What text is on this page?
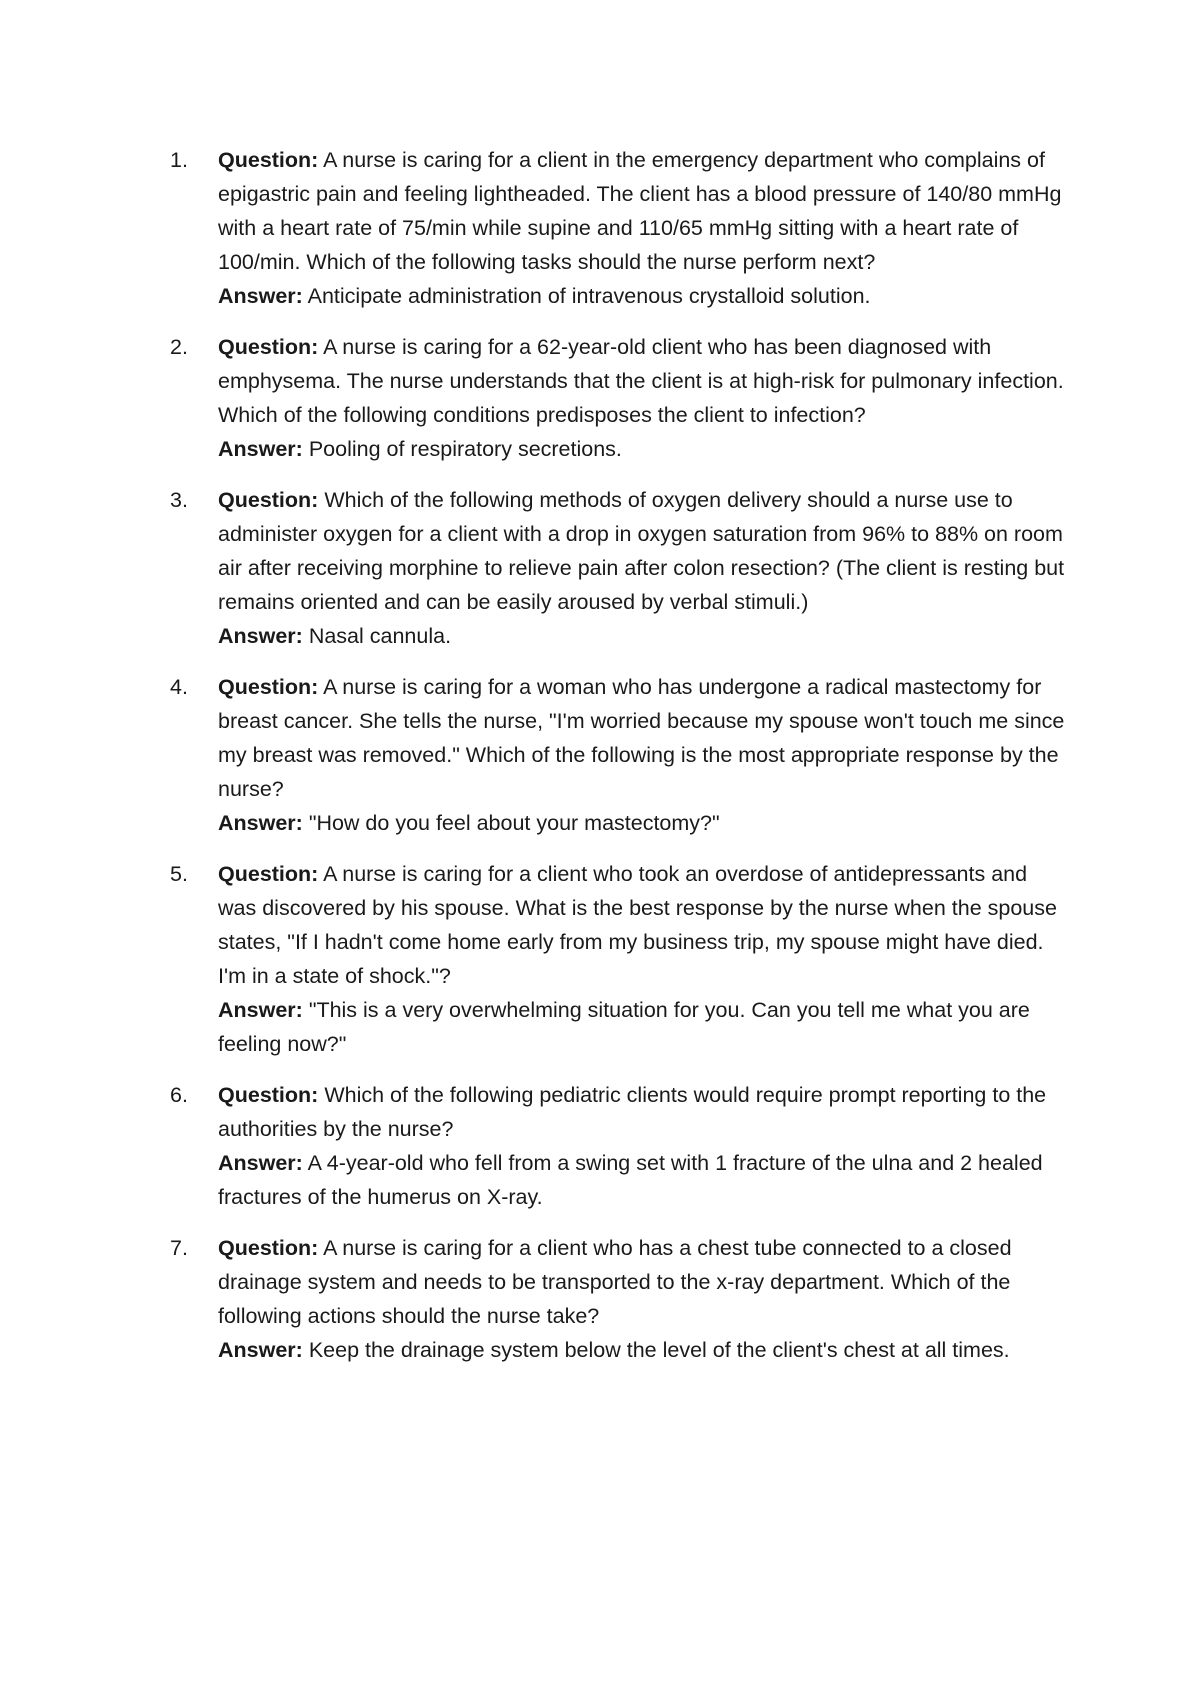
1.	Question: A nurse is caring for a client in the emergency department who complains of epigastric pain and feeling lightheaded. The client has a blood pressure of 140/80 mmHg with a heart rate of 75/min while supine and 110/65 mmHg sitting with a heart rate of 100/min. Which of the following tasks should the nurse perform next?
Answer: Anticipate administration of intravenous crystalloid solution.
2.	Question: A nurse is caring for a 62-year-old client who has been diagnosed with emphysema. The nurse understands that the client is at high-risk for pulmonary infection. Which of the following conditions predisposes the client to infection?
Answer: Pooling of respiratory secretions.
3.	Question: Which of the following methods of oxygen delivery should a nurse use to administer oxygen for a client with a drop in oxygen saturation from 96% to 88% on room air after receiving morphine to relieve pain after colon resection? (The client is resting but remains oriented and can be easily aroused by verbal stimuli.)
Answer: Nasal cannula.
4.	Question: A nurse is caring for a woman who has undergone a radical mastectomy for breast cancer. She tells the nurse, "I'm worried because my spouse won't touch me since my breast was removed." Which of the following is the most appropriate response by the nurse?
Answer: "How do you feel about your mastectomy?"
5.	Question: A nurse is caring for a client who took an overdose of antidepressants and was discovered by his spouse. What is the best response by the nurse when the spouse states, "If I hadn't come home early from my business trip, my spouse might have died. I'm in a state of shock."?
Answer: "This is a very overwhelming situation for you. Can you tell me what you are feeling now?"
6.	Question: Which of the following pediatric clients would require prompt reporting to the authorities by the nurse?
Answer: A 4-year-old who fell from a swing set with 1 fracture of the ulna and 2 healed fractures of the humerus on X-ray.
7.	Question: A nurse is caring for a client who has a chest tube connected to a closed drainage system and needs to be transported to the x-ray department. Which of the following actions should the nurse take?
Answer: Keep the drainage system below the level of the client's chest at all times.
